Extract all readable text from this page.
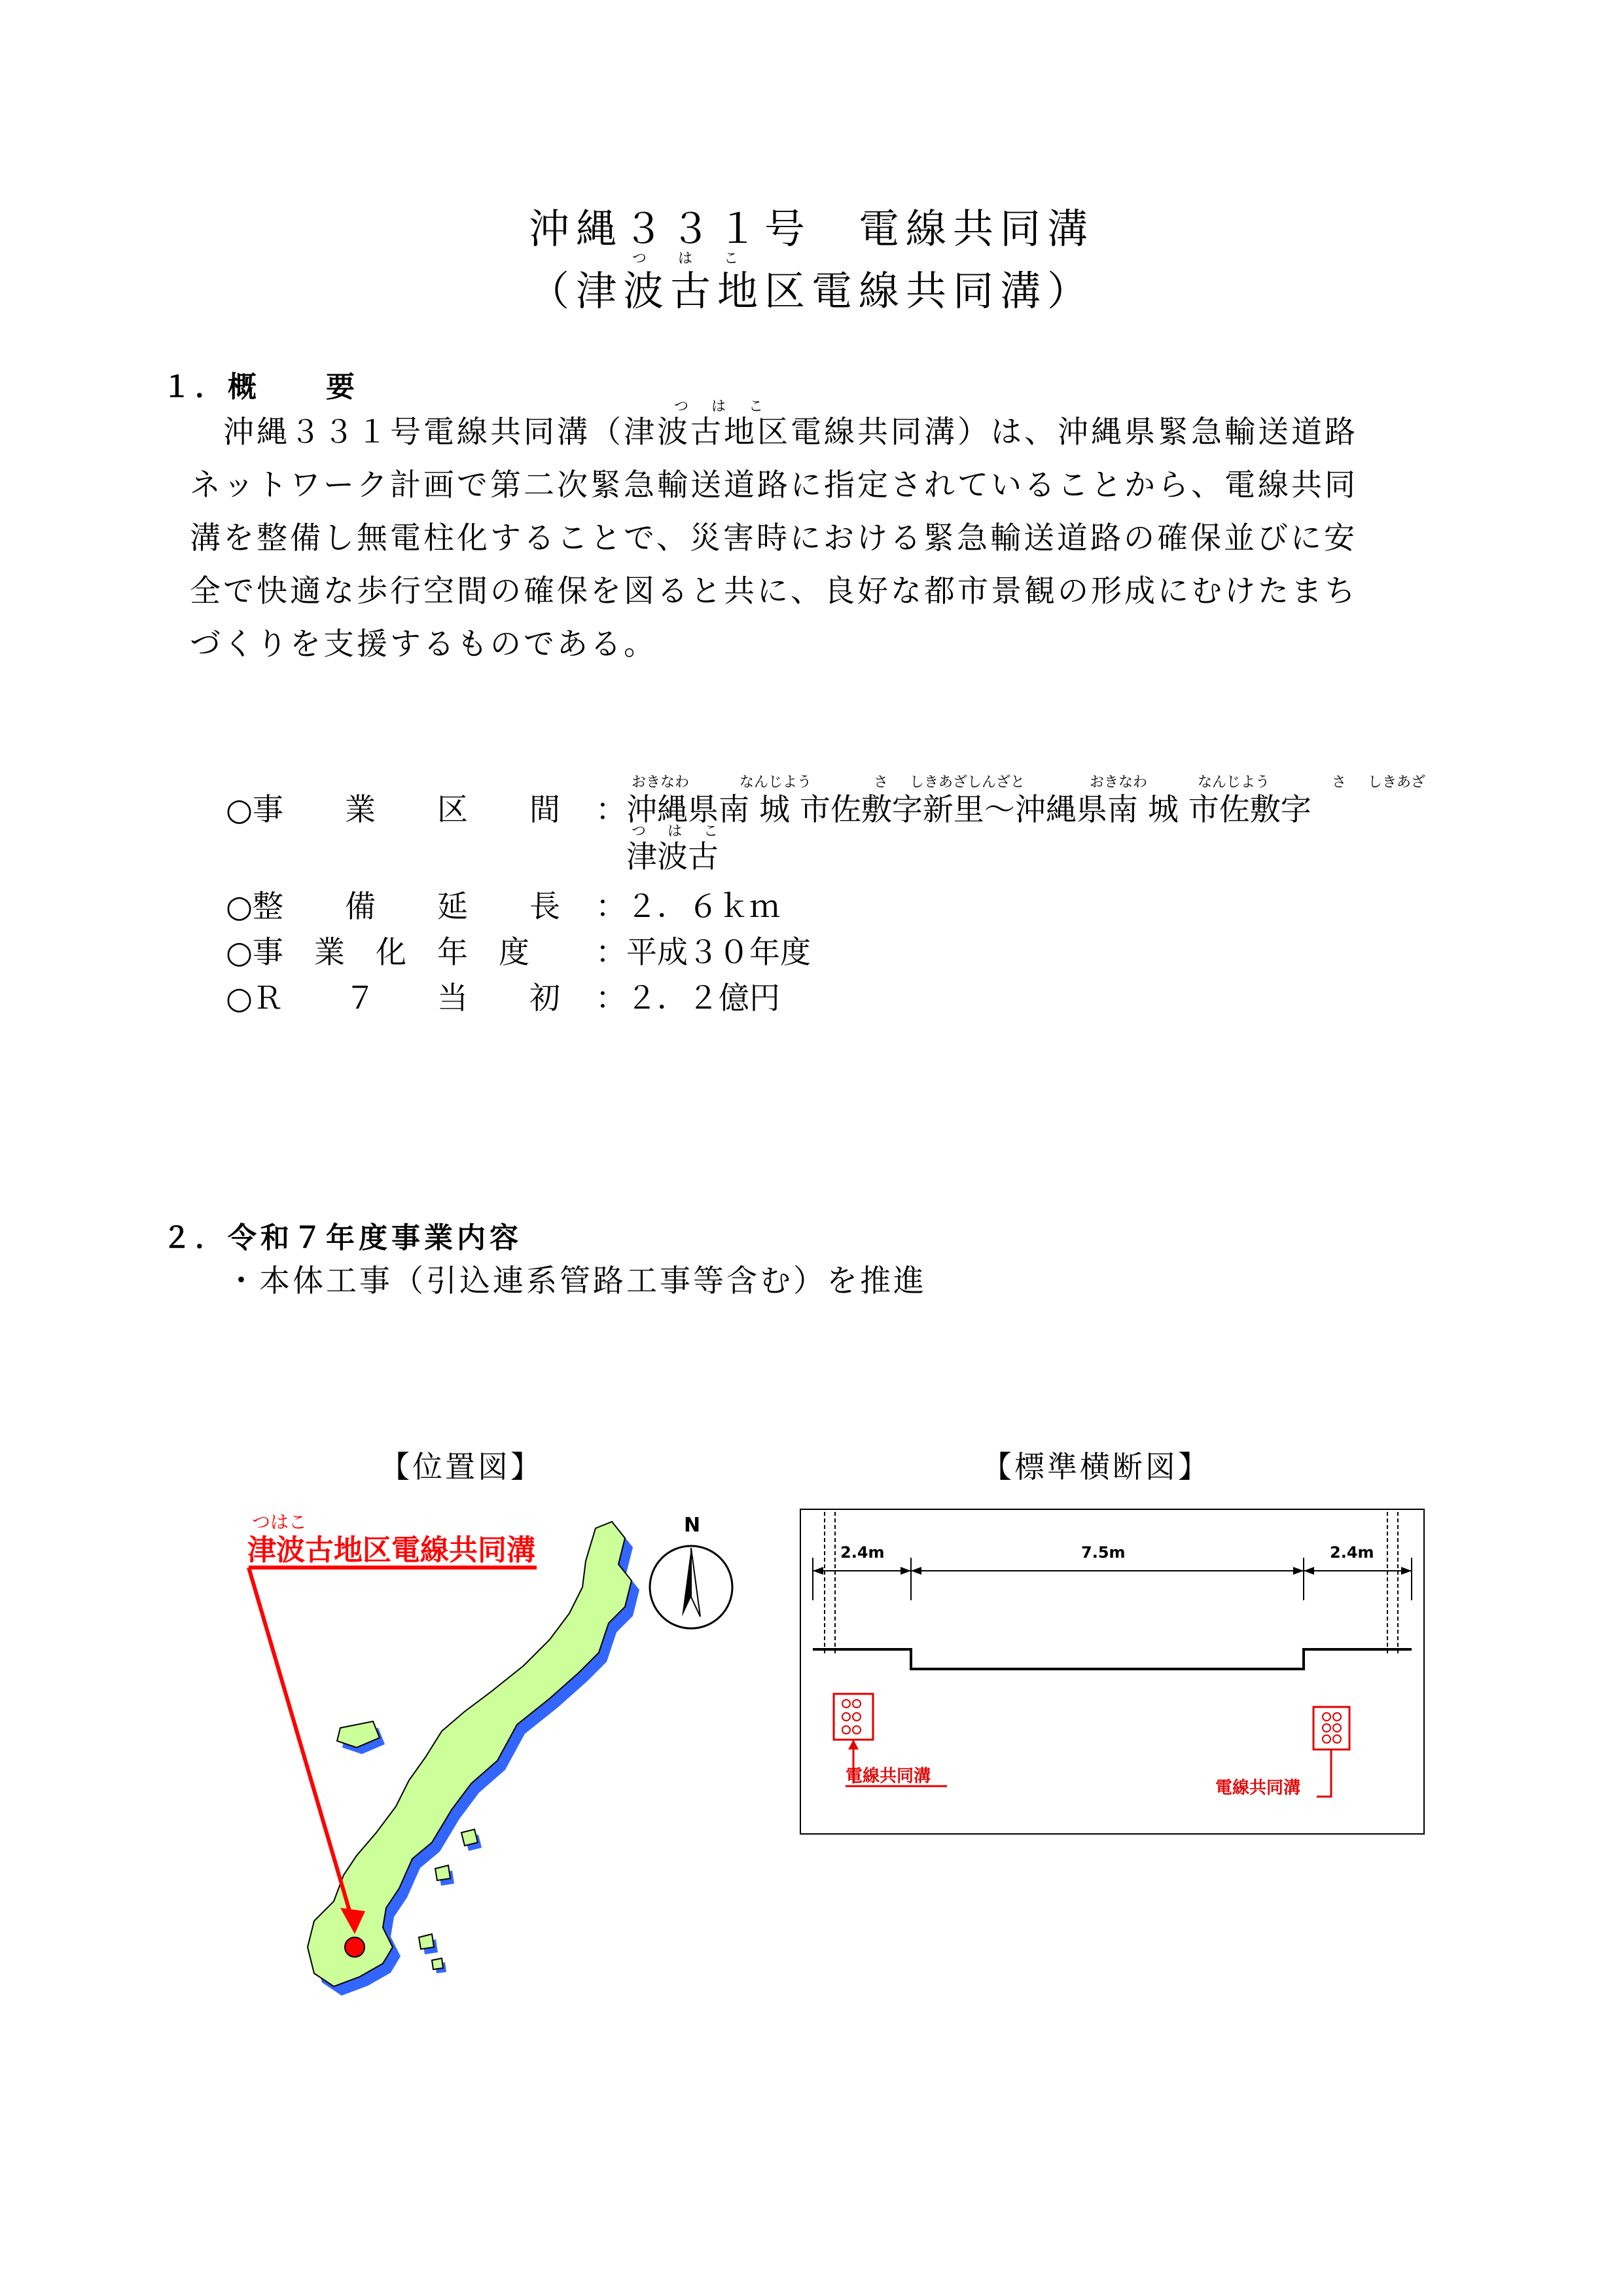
沖縄３３１号　電線共同溝
つ は こ
（津波古地区電線共同溝）
１．概　　要
つ は こ
　沖縄３３１号電線共同溝（津波古地区電線共同溝）は、沖縄県緊急輸送道路
ネットワーク計画で第二次緊急輸送道路に指定されていることから、電線共同
溝を整備し無電柱化することで、災害時における緊急輸送道路の確保並びに安
全で快適な歩行空間の確保を図ると共に、良好な都市景観の形成にむけたまち
づくりを支援するものである。
おきなわ	なんじよう	さ しきあざしんざと	おきなわ	なんじよう	さ しきあざ
○事　　業　　区　　間 ： 沖縄県南 城 市佐敷字新里～沖縄県南 城 市佐敷字
つ は こ
津波古
○整　　備　　延　　長 ： ２．６ｋｍ
○事　業　化　年　度 ： 平成３０年度
○Ｒ　　７　　当　　初 ： ２．２億円
２．令和７年度事業内容
・本体工事（引込連系管路工事等含む）を推進
【位置図】	【標準横断図】
津波古地区電線共同溝
つはこ	N
2.4m	7.5m	2.4m
電線共同溝
電線共同溝
